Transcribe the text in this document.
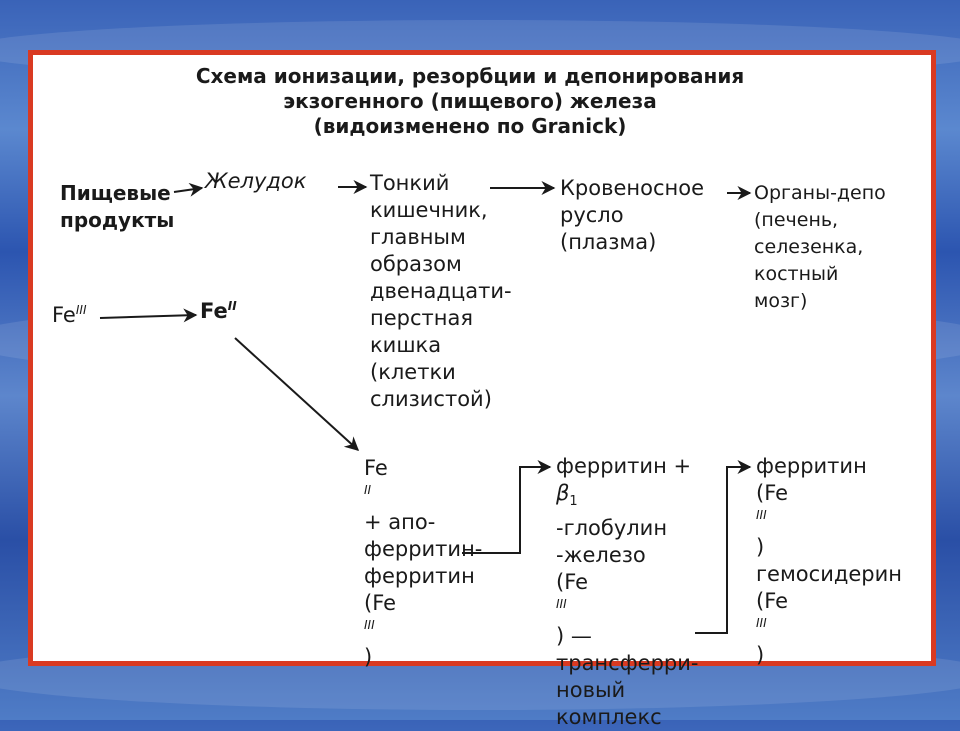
Схема ионизации, резорбции и депонирования
экзогенного (пищевого) железа
(видоизменено по Granick)
Пищевые
продукты
Желудок	Тонкий
кишечник,
главным
образом
двенадцати-
перстная
кишка
(клетки
слизистой)
Кровеносное
русло
(плазма)
Органы-депо
(печень,
селезенка,
костный
мозг)
$Fe^{III}$	$Fe^{II}$
Fe
$^{II}$
+ апо-
ферритин-
ферритин
(Fe
$^{III}$
)
ферритин +
$\beta_1$
-глобулин
-железо
(Fe
$^{III}$
) —
трансферри-
новый
комплекс
ферритин
(Fe
$^{III}$
)
гемосидерин
(Fe
$^{III}$
)
